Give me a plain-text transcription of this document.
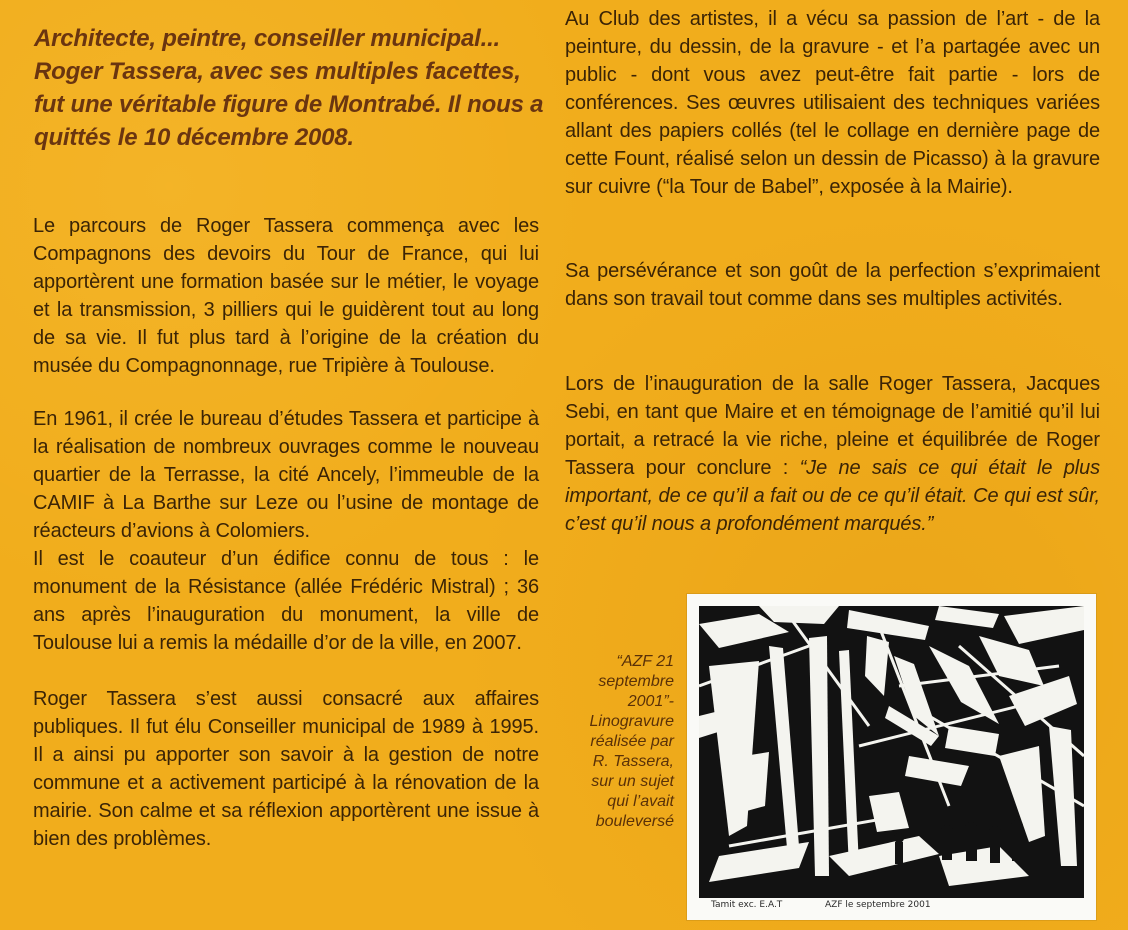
Architecte, peintre, conseiller municipal... Roger Tassera, avec ses multiples facettes, fut une véritable figure de Montrabé. Il nous a quittés le 10 décembre 2008.

Le parcours de Roger Tassera commença avec les Compagnons des devoirs du Tour de France, qui lui apportèrent une formation basée sur le métier, le voyage et la transmission, 3 pilliers qui le guidèrent tout au long de sa vie. Il fut plus tard à l’origine de la création du musée du Compagnonnage, rue Tripière à Toulouse.

En 1961, il crée le bureau d’études Tassera et participe à la réalisation de nombreux ouvrages comme le nouveau quartier de la Terrasse, la cité Ancely, l’immeuble de la CAMIF à La Barthe sur Leze ou l’usine de montage de réacteurs d’avions à Colomiers.
Il est le coauteur d’un édifice connu de tous : le monument de la Résistance (allée Frédéric Mistral) ; 36 ans après l’inauguration du monument, la ville de Toulouse lui a remis la médaille d’or de la ville, en 2007.

Roger Tassera s’est aussi consacré aux affaires publiques. Il fut élu Conseiller municipal de 1989 à 1995. Il a ainsi pu apporter son savoir à la gestion de notre commune et a activement participé à la rénovation de la mairie. Son calme et sa réflexion apportèrent une issue à bien des problèmes.

Au Club des artistes, il a vécu sa passion de l’art - de la peinture, du dessin, de la gravure - et l’a partagée avec un public - dont vous avez peut-être fait partie - lors de conférences. Ses œuvres utilisaient des techniques variées allant des papiers collés (tel le collage en dernière page de cette Fount, réalisé selon un dessin de Picasso) à la gravure sur cuivre (“la Tour de Babel”, exposée à la Mairie).

Sa persévérance et son goût de la perfection s’exprimaient dans son travail tout comme dans ses multiples activités.

Lors de l’inauguration de la salle Roger Tassera, Jacques Sebi, en tant que Maire et en témoignage de l’amitié qu’il lui portait, a retracé la vie riche, pleine et équilibrée de Roger Tassera pour conclure : “Je ne sais ce qui était le plus important, de ce qu’il a fait ou de ce qu’il était. Ce qui est sûr, c’est qu’il nous a profondément marqués.”

“AZF 21 septembre 2001”- Linogravure réalisée par R. Tassera, sur un sujet qui l’avait bouleversé

Tamit exc. E.A.T	AZF le septembre 2001
